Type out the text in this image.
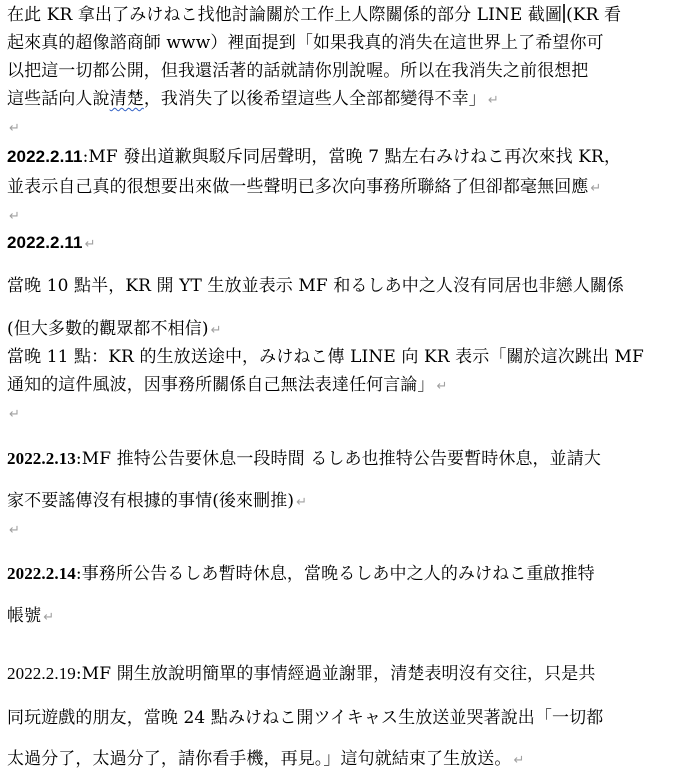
在此 KR 拿出了みけねこ找他討論關於工作上人際關係的部分 LINE 截圖 (KR 看

起來真的超像諮商師 www）裡面提到「如果我真的消失在這世界上了希望你可

以把這一切都公開，但我還活著的話就請你別說喔。所以在我消失之前很想把

這些話向人說清楚，我消失了以後希望這些人全部都變得不幸」 ↵

↵

2022.2.11:MF 發出道歉與駁斥同居聲明，當晚 7 點左右みけねこ再次來找 KR，

並表示自己真的很想要出來做一些聲明已多次向事務所聯絡了但卻都毫無回應 ↵

↵

2022.2.11 ↵

當晚 10 點半，KR 開 YT 生放並表示 MF 和るしあ中之人沒有同居也非戀人關係

(但大多數的觀眾都不相信) ↵

當晚 11 點：KR 的生放送途中，みけねこ傳 LINE 向 KR 表示「關於這次跳出 MF

通知的這件風波，因事務所關係自己無法表達任何言論」 ↵

↵

2022.2.13:MF 推特公告要休息一段時間 るしあ也推特公告要暫時休息，並請大

家不要謠傳沒有根據的事情(後來刪推) ↵

↵

2022.2.14:事務所公告るしあ暫時休息，當晚るしあ中之人的みけねこ重啟推特

帳號 ↵

2022.2.19:MF 開生放說明簡單的事情經過並謝罪，清楚表明沒有交往，只是共

同玩遊戲的朋友，當晚 24 點みけねこ開ツイキャス生放送並哭著說出「一切都

太過分了，太過分了，請你看手機，再見。」這句就結束了生放送。 ↵
